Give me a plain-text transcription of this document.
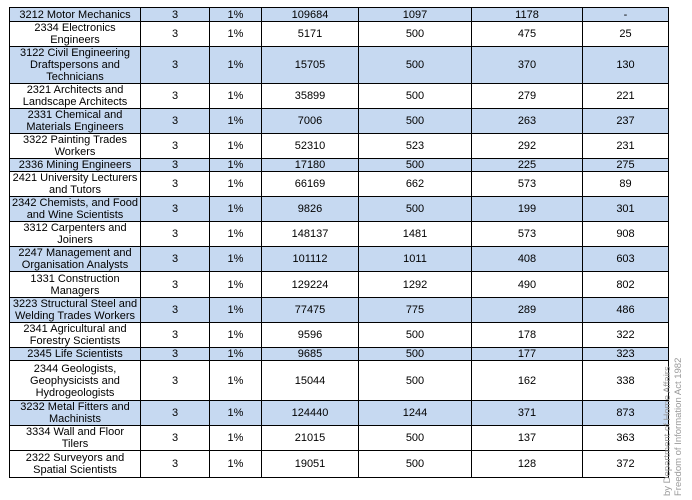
3212 Motor Mechanics	3	1%	109684	1097	1178	-
2334 Electronics Engineers	3	1%	5171	500	475	25
3122 Civil Engineering Draftspersons and Technicians	3	1%	15705	500	370	130
2321 Architects and Landscape Architects	3	1%	35899	500	279	221
2331 Chemical and Materials Engineers	3	1%	7006	500	263	237
3322 Painting Trades Workers	3	1%	52310	523	292	231
2336 Mining Engineers	3	1%	17180	500	225	275
2421 University Lecturers and Tutors	3	1%	66169	662	573	89
2342 Chemists, and Food and Wine Scientists	3	1%	9826	500	199	301
3312 Carpenters and Joiners	3	1%	148137	1481	573	908
2247 Management and Organisation Analysts	3	1%	101112	1011	408	603
1331 Construction Managers	3	1%	129224	1292	490	802
3223 Structural Steel and Welding Trades Workers	3	1%	77475	775	289	486
2341 Agricultural and Forestry Scientists	3	1%	9596	500	178	322
2345 Life Scientists	3	1%	9685	500	177	323
2344 Geologists, Geophysicists and Hydrogeologists	3	1%	15044	500	162	338
3232 Metal Fitters and Machinists	3	1%	124440	1244	371	873
3334 Wall and Floor Tilers	3	1%	21015	500	137	363
2322 Surveyors and Spatial Scientists	3	1%	19051	500	128	372	by Department of Home Affairs Freedom of Information Act 1982
